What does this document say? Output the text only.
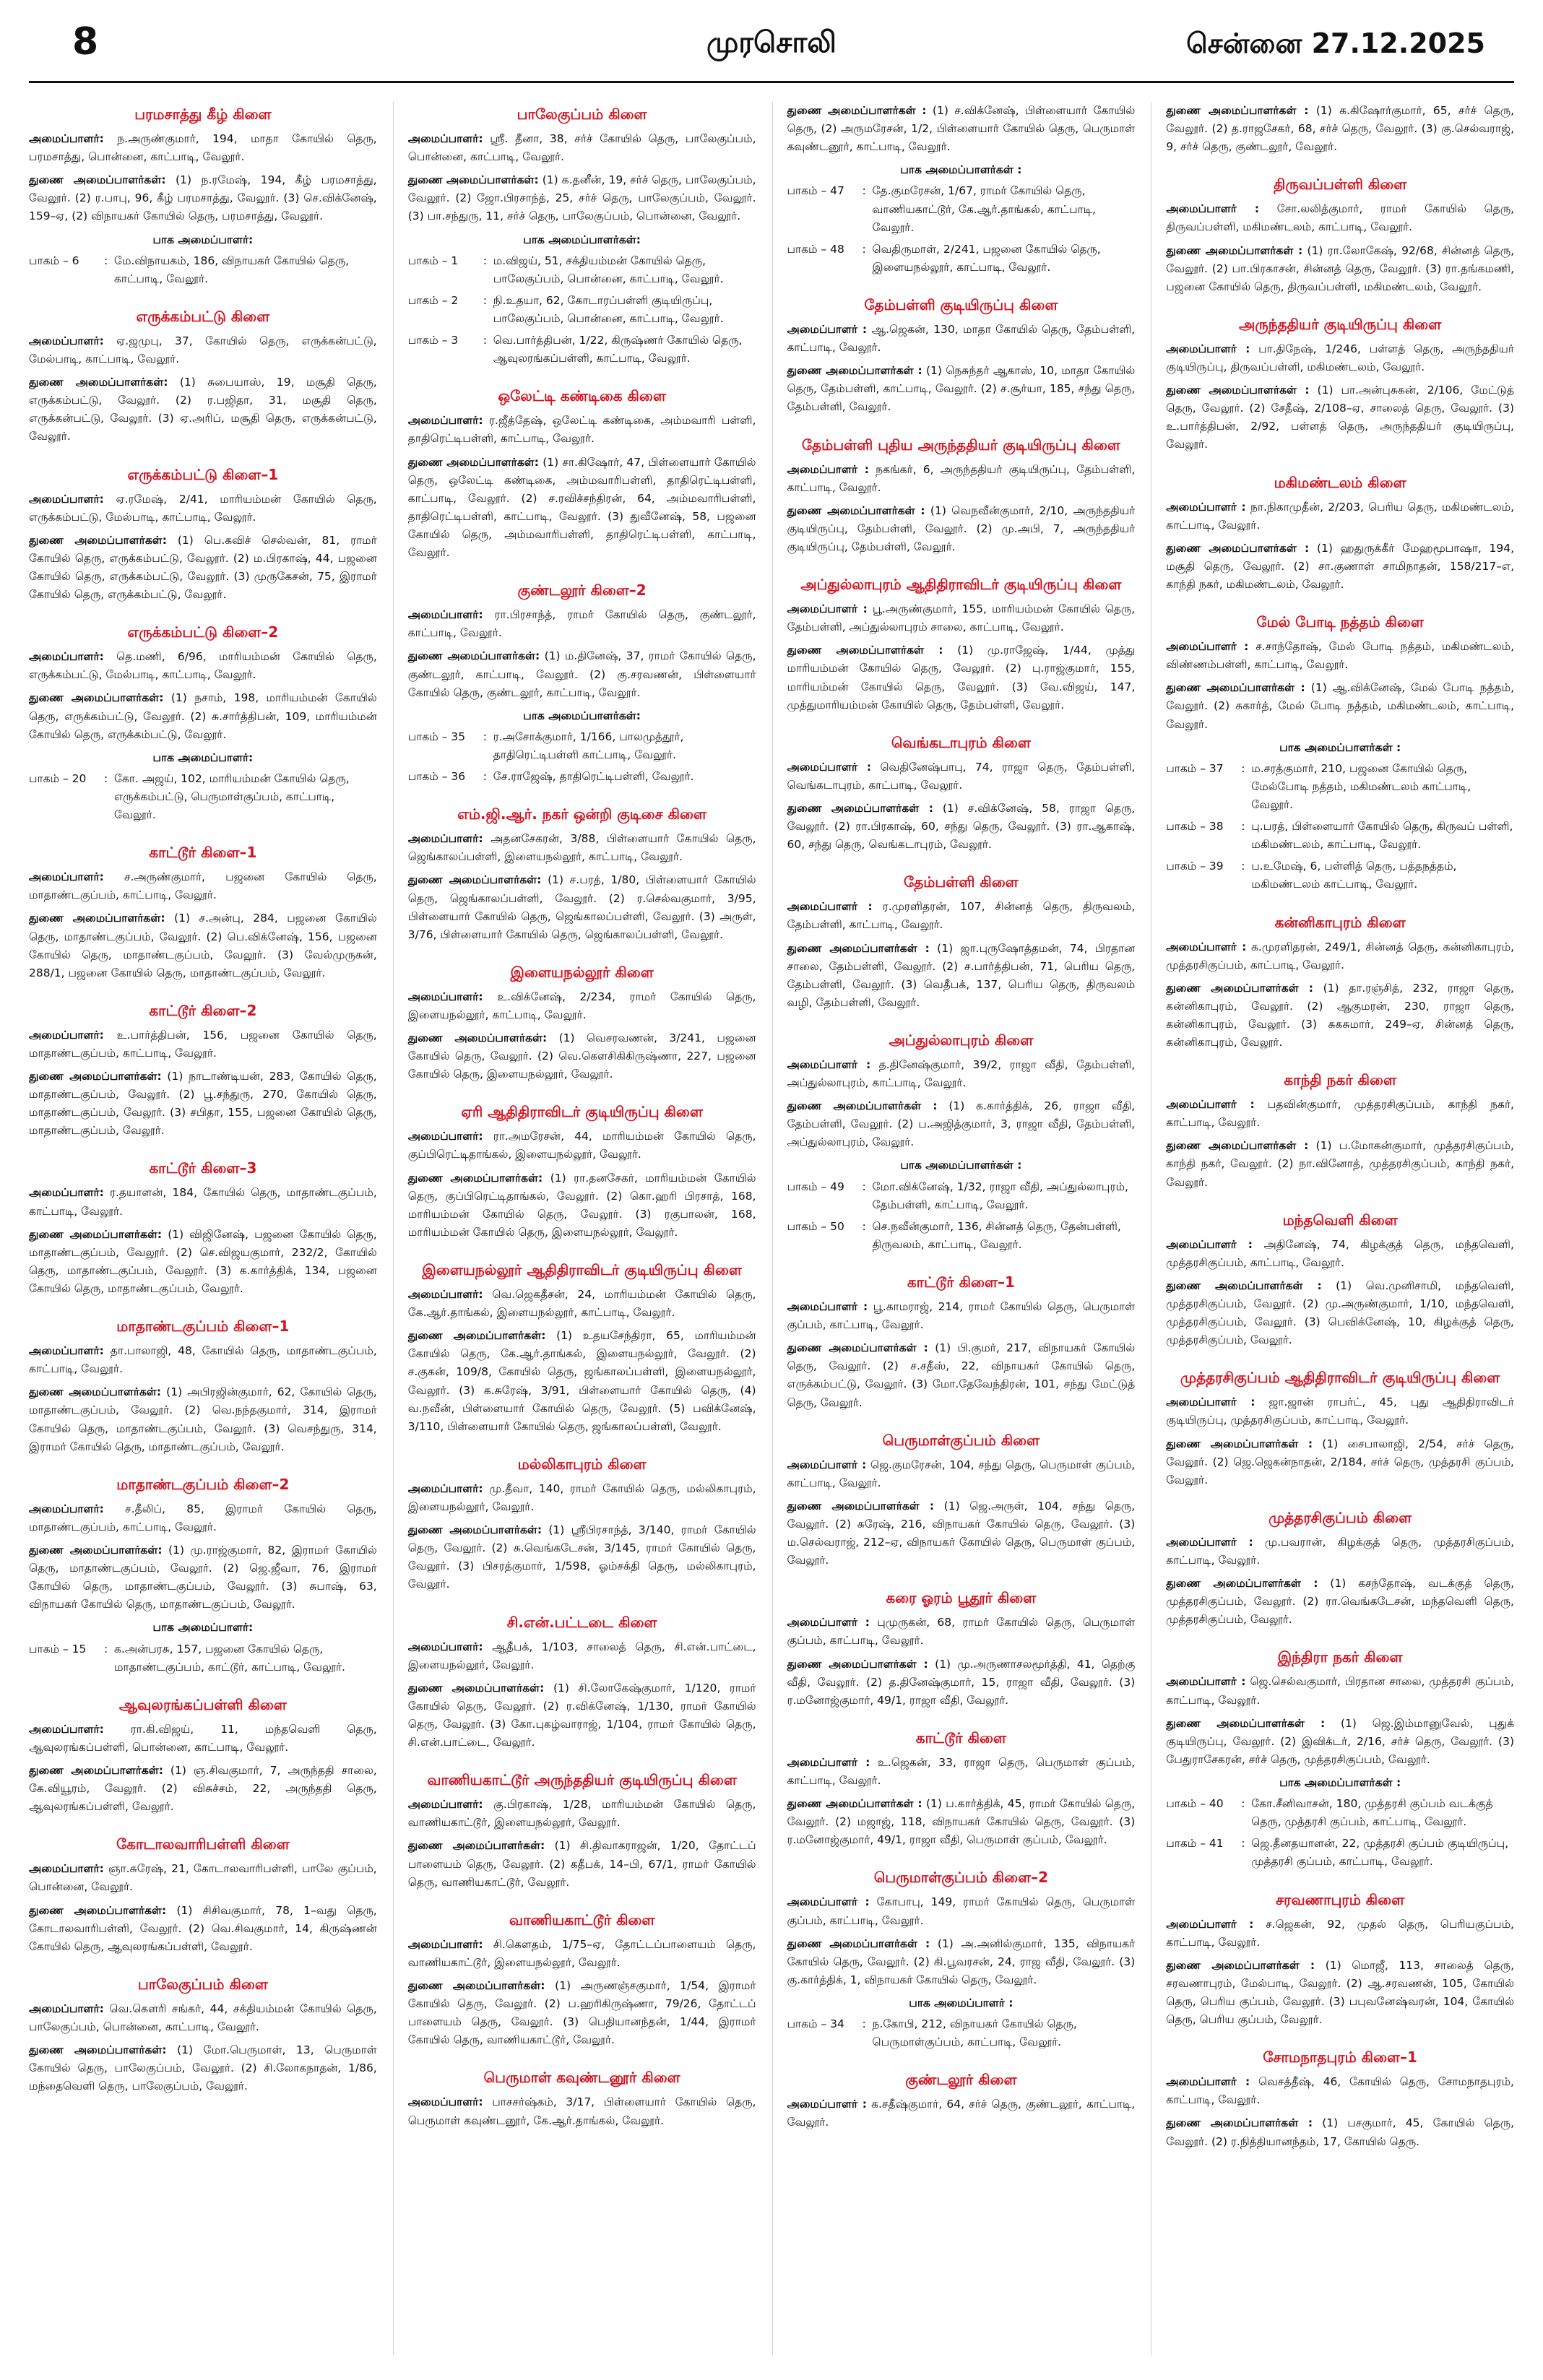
8	முரசொலி	சென்னை 27.12.2025
பரமசாத்து கீழ் கிளை

அமைப்பாளர்: ந.அருண்குமார், 194, மாதா கோயில் தெரு, பரமசாத்து, பொன்னை, காட்பாடி, வேலூர்.

துணை அமைப்பாளர்கள்: (1) ந.ரமேஷ், 194, கீழ் பரமசாத்து, வேலூர். (2) ர.பாபு, 96, கீழ் பரமசாத்து, வேலூர். (3) செ.விக்னேஷ், 159–ஏ, (2) விநாயகர் கோயில் தெரு, பரமசாத்து, வேலூர்.

பாக அமைப்பாளர்:
பாகம் – 6	: மே.விநாயகம், 186, விநாயகர் கோயில் தெரு, காட்பாடி, வேலூர்.
எருக்கம்பட்டு கிளை

அமைப்பாளர்: ஏ.ஜமுபு, 37, கோயில் தெரு, எருக்கன்பட்டு, மேல்பாடி, காட்பாடி, வேலூர்.

துணை அமைப்பாளர்கள்: (1) சுபையாஸ், 19, மசூதி தெரு, எருக்கம்பட்டு, வேலூர். (2) ர.பஜிதா, 31, மசூதி தெரு, எருக்கன்பட்டு, வேலூர். (3) ஏ.அரிப், மசூதி தெரு, எருக்கன்பட்டு, வேலூர்.

எருக்கம்பட்டு கிளை–1

அமைப்பாளர்: ஏ.ரமேஷ், 2/41, மாரியம்மன் கோயில் தெரு, எருக்கம்பட்டு, மேல்பாடி, காட்பாடி, வேலூர்.

துணை அமைப்பாளர்கள்: (1) பெ.கவிச் செல்வன், 81, ராமர் கோயில் தெரு, எருக்கம்பட்டு, வேலூர். (2) ம.பிரகாஷ், 44, பஜனை கோயில் தெரு, எருக்கம்பட்டு, வேலூர். (3) முருகேசன், 75, இராமர் கோயில் தெரு, எருக்கம்பட்டு, வேலூர்.

எருக்கம்பட்டு கிளை–2

அமைப்பாளர்: தெ.மணி, 6/96, மாரியம்மன் கோயில் தெரு, எருக்கம்பட்டு, மேல்பாடி, காட்பாடி, வேலூர்.

துணை அமைப்பாளர்கள்: (1) நசாம், 198, மாரியம்மன் கோயில் தெரு, எருக்கம்பட்டு, வேலூர். (2) சு.சார்த்திபன், 109, மாரியம்மன் கோயில் தெரு, எருக்கம்பட்டு, வேலூர்.

பாக அமைப்பாளர்:
பாகம் – 20	: கோ. அஜய், 102, மாரியம்மன் கோயில் தெரு, எருக்கம்பட்டு, பெருமாள்குப்பம், காட்பாடி, வேலூர்.
காட்டூர் கிளை–1

அமைப்பாளர்: ச.அருண்குமார், பஜனை கோயில் தெரு, மாதாண்டகுப்பம், காட்பாடி, வேலூர்.

துணை அமைப்பாளர்கள்: (1) ச.அன்பு, 284, பஜனை கோயில் தெரு, மாதாண்டகுப்பம், வேலூர். (2) பெ.விக்னேஷ், 156, பஜனை கோயில் தெரு, மாதாண்டகுப்பம், வேலூர். (3) வேல்முருகன், 288/1, பஜனை கோயில் தெரு, மாதாண்டகுப்பம், வேலூர்.

காட்டூர் கிளை–2

அமைப்பாளர்: உ.பார்த்திபன், 156, பஜனை கோயில் தெரு, மாதாண்டகுப்பம், காட்பாடி, வேலூர்.

துணை அமைப்பாளர்கள்: (1) நாடாண்டியன், 283, கோயில் தெரு, மாதாண்டகுப்பம், வேலூர். (2) பூ.சந்துரு, 270, கோயில் தெரு, மாதாண்டகுப்பம், வேலூர். (3) சபிதா, 155, பஜனை கோயில் தெரு, மாதாண்டகுப்பம், வேலூர்.

காட்டூர் கிளை–3

அமைப்பாளர்: ர.தயாளன், 184, கோயில் தெரு, மாதாண்டகுப்பம், காட்பாடி, வேலூர்.

துணை அமைப்பாளர்கள்: (1) விஜினேஷ், பஜனை கோயில் தெரு, மாதாண்டகுப்பம், வேலூர். (2) செ.விஜயகுமார், 232/2, கோயில் தெரு, மாதாண்டகுப்பம், வேலூர். (3) க.கார்த்திக், 134, பஜனை கோயில் தெரு, மாதாண்டகுப்பம், வேலூர்.

மாதாண்டகுப்பம் கிளை–1

அமைப்பாளர்: தா.பாலாஜி, 48, கோயில் தெரு, மாதாண்டகுப்பம், காட்பாடி, வேலூர்.

துணை அமைப்பாளர்கள்: (1) அபிரஜின்குமார், 62, கோயில் தெரு, மாதாண்டகுப்பம், வேலூர். (2) வெ.நந்தகுமார், 314, இராமர் கோயில் தெரு, மாதாண்டகுப்பம், வேலூர். (3) வெசந்துரு, 314, இராமர் கோயில் தெரு, மாதாண்டகுப்பம், வேலூர்.

மாதாண்டகுப்பம் கிளை–2

அமைப்பாளர்: ச.தீலிப், 85, இராமர் கோயில் தெரு, மாதாண்டகுப்பம், காட்பாடி, வேலூர்.

துணை அமைப்பாளர்கள்: (1) மு.ராஜ்குமார், 82, இராமர் கோயில் தெரு, மாதாண்டகுப்பம், வேலூர். (2) ஜெ.ஜீவா, 76, இராமர் கோயில் தெரு, மாதாண்டகுப்பம், வேலூர். (3) சுபாஷ், 63, விநாயகர் கோயில் தெரு, மாதாண்டகுப்பம், வேலூர்.

பாக அமைப்பாளர்:
பாகம் – 15	: க.அன்பரசு, 157, பஜனை கோயில் தெரு, மாதாண்டகுப்பம், காட்டூர், காட்பாடி, வேலூர்.
ஆவுலரங்கப்பள்ளி கிளை

அமைப்பாளர்: ரா.கி.விஜய், 11, மந்தவெளி தெரு, ஆவுலரங்கப்பள்ளி, பொன்னை, காட்பாடி, வேலூர்.

துணை அமைப்பாளர்கள்: (1) ஞ.சிவகுமார், 7, அருந்ததி சாலை, கே.வியூரம், வேலூர். (2) விசுச்சம், 22, அருந்ததி தெரு, ஆவுலரங்கப்பள்ளி, வேலூர்.

கோடாலவாரிபள்ளி கிளை

அமைப்பாளர்: ஞா.சுரேஷ், 21, கோடாலவாரிபள்ளி, பாலே குப்பம், பொன்னை, வேலூர்.

துணை அமைப்பாளர்கள்: (1) சிசிவகுமார், 78, 1–வது தெரு, கோடாலவாரிபள்ளி, வேலூர். (2) வெ.சிவகுமார், 14, கிருஷ்ணன் கோயில் தெரு, ஆவுலரங்கப்பள்ளி, வேலூர்.

பாலேகுப்பம் கிளை

அமைப்பாளர்: வெ.கௌரி சங்கர், 44, சக்தியம்மன் கோயில் தெரு, பாலேகுப்பம், பொன்னை, காட்பாடி, வேலூர்.

துணை அமைப்பாளர்கள்: (1) மோ.பெருமாள், 13, பெருமாள் கோயில் தெரு, பாலேகுப்பம், வேலூர். (2) சி.லோகநாதன், 1/86, மந்தைவெளி தெரு, பாலேகுப்பம், வேலூர்.

பாலேகுப்பம் கிளை

அமைப்பாளர்: ஸ்ரீ. தீனா, 38, சர்ச் கோயில் தெரு, பாலேகுப்பம், பொன்னை, காட்பாடி, வேலூர்.

துணை அமைப்பாளர்கள்: (1) க.தனீன், 19, சர்ச் தெரு, பாலேகுப்பம், வேலூர். (2) ஜோ.பிரசாந்த், 25, சர்ச் தெரு, பாலேகுப்பம், வேலூர். (3) பா.சந்துரு, 11, சர்ச் தெரு, பாலேகுப்பம், பொன்னை, வேலூர்.

பாக அமைப்பாளர்கள்:
பாகம் – 1	: ம.விஜய், 51, சக்தியம்மன் கோயில் தெரு, பாலேகுப்பம், பொன்னை, காட்பாடி, வேலூர்.
பாகம் – 2	: நி.உதயா, 62, கோடாரப்பள்ளி குடியிருப்பு, பாலேகுப்பம், பொன்னை, காட்பாடி, வேலூர்.
பாகம் – 3	: வெ.பார்த்திபன், 1/22, கிருஷ்ணர் கோயில் தெரு, ஆவுலரங்கப்பள்ளி, காட்பாடி, வேலூர்.
ஒலேட்டி கண்டிகை கிளை

அமைப்பாளர்: ர.ஜீத்தேஷ், ஒலேட்டி கண்டிகை, அம்மவாரி பள்ளி, தாதிரெட்டிபள்ளி, காட்பாடி, வேலூர்.

துணை அமைப்பாளர்கள்: (1) சா.கிஷோர், 47, பிள்ளையார் கோயில் தெரு, ஒலேட்டி கண்டிகை, அம்மவாரிபள்ளி, தாதிரெட்டிபள்ளி, காட்பாடி, வேலூர். (2) ச.ரவிச்சந்திரன், 64, அம்மவாரிபள்ளி, தாதிரெட்டிபள்ளி, காட்பாடி, வேலூர். (3) துவீனேஷ், 58, பஜனை கோயில் தெரு, அம்மவாரிபள்ளி, தாதிரெட்டிபள்ளி, காட்பாடி, வேலூர்.

குண்டலூர் கிளை–2

அமைப்பாளர்: ரா.பிரசாந்த், ராமர் கோயில் தெரு, குண்டலூர், காட்பாடி, வேலூர்.

துணை அமைப்பாளர்கள்: (1) ம.தினேஷ், 37, ராமர் கோயில் தெரு, குண்டலூர், காட்பாடி, வேலூர். (2) கு.சரவணன், பிள்ளையார் கோயில் தெரு, குண்டலூர், காட்பாடி, வேலூர்.

பாக அமைப்பாளர்கள்:
பாகம் – 35	: ர.அசோக்குமார், 1/166, பாலமுத்தூர், தாதிரெட்டிபள்ளி காட்பாடி, வேலூர்.
பாகம் – 36	: சே.ராஜேஷ், தாதிரெட்டிபள்ளி, வேலூர்.
எம்.ஜி.ஆர். நகர் ஒன்றி குடிசை கிளை

அமைப்பாளர்: அதனசேகரன், 3/88, பிள்ளையார் கோயில் தெரு, ஜெங்காலப்பள்ளி, இளையநல்லூர், காட்பாடி, வேலூர்.

துணை அமைப்பாளர்கள்: (1) ச.பரத், 1/80, பிள்ளையார் கோயில் தெரு, ஜெங்காலப்பள்ளி, வேலூர். (2) ர.செல்வகுமார், 3/95, பிள்ளையார் கோயில் தெரு, ஜெங்காலப்பள்ளி, வேலூர். (3) அருள், 3/76, பிள்ளையார் கோயில் தெரு, ஜெங்காலப்பள்ளி, வேலூர்.

இளையநல்லூர் கிளை

அமைப்பாளர்: உ.விக்னேஷ், 2/234, ராமர் கோயில் தெரு, இளையநல்லூர், காட்பாடி, வேலூர்.

துணை அமைப்பாளர்கள்: (1) வெசரவணன், 3/241, பஜனை கோயில் தெரு, வேலூர். (2) வெ.கௌசிகிகிருஷ்ணா, 227, பஜனை கோயில் தெரு, இளையநல்லூர், வேலூர்.

ஏரி ஆதிதிராவிடர் குடியிருப்பு கிளை

அமைப்பாளர்: ரா.அமரேசன், 44, மாரியம்மன் கோயில் தெரு, குப்பிரெட்டிதாங்கல், இளையநல்லூர், வேலூர்.

துணை அமைப்பாளர்கள்: (1) ரா.தனசேகர், மாரியம்மன் கோயில் தெரு, குப்பிரெட்டிதாங்கல், வேலூர். (2) கொ.ஹரி பிரசாத், 168, மாரியம்மன் கோயில் தெரு, வேலூர். (3) ரகுபாலன், 168, மாரியம்மன் கோயில் தெரு, இளையநல்லூர், வேலூர்.

இளையநல்லூர் ஆதிதிராவிடர் குடியிருப்பு கிளை

அமைப்பாளர்: வெ.ஜெகதீசன், 24, மாரியம்மன் கோயில் தெரு, கே.ஆர்.தாங்கல், இளையநல்லூர், காட்பாடி, வேலூர்.

துணை அமைப்பாளர்கள்: (1) உதயசேந்திரா, 65, மாரியம்மன் கோயில் தெரு, கே.ஆர்.தாங்கல், இளையநல்லூர், வேலூர். (2) ச.குகன், 109/8, கோயில் தெரு, ஜங்காலப்பள்ளி, இளையநல்லூர், வேலூர். (3) க.சுரேஷ், 3/91, பிள்ளையார் கோயில் தெரு, (4) வ.நவீன், பிள்ளையார் கோயில் தெரு, வேலூர். (5) பவிக்னேஷ், 3/110, பிள்ளையார் கோயில் தெரு, ஜங்காலப்பள்ளி, வேலூர்.

மல்லிகாபுரம் கிளை

அமைப்பாளர்: மு.தீவா, 140, ராமர் கோயில் தெரு, மல்லிகாபுரம், இளையநல்லூர், வேலூர்.

துணை அமைப்பாளர்கள்: (1) ஸ்ரீபிரசாந்த், 3/140, ராமர் கோயில் தெரு, வேலூர். (2) சு.வெங்கடேசன், 3/145, ராமர் கோயில் தெரு, வேலூர். (3) பிசரத்குமார், 1/598, ஓம்சக்தி தெரு, மல்லிகாபுரம், வேலூர்.

சி.என்.பட்டடை கிளை

அமைப்பாளர்: ஆதீபக், 1/103, சாலைத் தெரு, சி.என்.பாட்டை, இளையநல்லூர், வேலூர்.

துணை அமைப்பாளர்கள்: (1) சி.லோகேஷ்குமார், 1/120, ராமர் கோயில் தெரு, வேலூர். (2) ர.விக்னேஷ், 1/130, ராமர் கோயில் தெரு, வேலூர். (3) கோ.புகழ்வாராஜ், 1/104, ராமர் கோயில் தெரு, சி.என்.பாட்டை, வேலூர்.

வாணியகாட்டூர் அருந்ததியர் குடியிருப்பு கிளை

அமைப்பாளர்: கு.பிரகாஷ், 1/28, மாரியம்மன் கோயில் தெரு, வாணியகாட்டூர், இளையநல்லூர், வேலூர்.

துணை அமைப்பாளர்கள்: (1) சி.திவாகராஜன், 1/20, தோட்டப் பாளையம் தெரு, வேலூர். (2) கதீபக், 14–பி, 67/1, ராமர் கோயில் தெரு, வாணியகாட்டூர், வேலூர்.

வாணியகாட்டூர் கிளை

அமைப்பாளர்: சி.கௌதம், 1/75–ஏ, தோட்டப்பாளையம் தெரு, வாணியகாட்டூர், இளையநல்லூர், வேலூர்.

துணை அமைப்பாளர்கள்: (1) அருணஞ்சகுமார், 1/54, இராமர் கோயில் தெரு, வேலூர். (2) ப.ஹரிகிருஷ்ணா, 79/26, தோட்டப் பாளையம் தெரு, வேலூர். (3) பெதியானந்தன், 1/44, இராமர் கோயில் தெரு, வாணியகாட்டூர், வேலூர்.

பெருமாள் கவுண்டனூர் கிளை

அமைப்பாளர்: பாசசர்ஷ்கம், 3/17, பிள்ளையார் கோயில் தெரு, பெருமாள் கவுண்டனூர், கே.ஆர்.தாங்கல், வேலூர்.

துணை அமைப்பாளர்கள் : (1) ச.விக்னேஷ், பிள்ளையார் கோயில் தெரு, (2) அருமரேசன், 1/2, பிள்ளையார் கோயில் தெரு, பெருமாள் கவுண்டனூர், காட்பாடி, வேலூர்.

பாக அமைப்பாளர்கள் :
பாகம் – 47	: தே.குமரேசன், 1/67, ராமர் கோயில் தெரு, வாணியகாட்டூர், கே.ஆர்.தாங்கல், காட்பாடி, வேலூர்.
பாகம் – 48	: வெதிருமாள், 2/241, பஜனை கோயில் தெரு, இளையநல்லூர், காட்பாடி, வேலூர்.
தேம்பள்ளி குடியிருப்பு கிளை

அமைப்பாளர் : ஆ.ஜெகன், 130, மாதா கோயில் தெரு, தேம்பள்ளி, காட்பாடி, வேலூர்.

துணை அமைப்பாளர்கள் : (1) நெசுந்தர் ஆகாஸ், 10, மாதா கோயில் தெரு, தேம்பள்ளி, காட்பாடி, வேலூர். (2) ச.சூர்யா, 185, சந்து தெரு, தேம்பள்ளி, வேலூர்.

தேம்பள்ளி புதிய அருந்ததியர் குடியிருப்பு கிளை

அமைப்பாளர் : நகங்கர், 6, அருந்ததியர் குடியிருப்பு, தேம்பள்ளி, காட்பாடி, வேலூர்.

துணை அமைப்பாளர்கள் : (1) வெநவீன்குமார், 2/10, அருந்ததியர் குடியிருப்பு, தேம்பள்ளி, வேலூர். (2) மு.அபி, 7, அருந்ததியர் குடியிருப்பு, தேம்பள்ளி, வேலூர்.

அப்துல்லாபுரம் ஆதிதிராவிடர் குடியிருப்பு கிளை

அமைப்பாளர் : பூ.அருண்குமார், 155, மாரியம்மன் கோயில் தெரு, தேம்பள்ளி, அப்துல்லாபுரம் சாலை, காட்பாடி, வேலூர்.

துணை அமைப்பாளர்கள் : (1) மு.ராஜேஷ், 1/44, முத்து மாரியம்மன் கோயில் தெரு, வேலூர். (2) பு.ராஜ்குமார், 155, மாரியம்மன் கோயில் தெரு, வேலூர். (3) வே.விஜய், 147, முத்துமாரியம்மன் கோயில் தெரு, தேம்பள்ளி, வேலூர்.

வெங்கடாபுரம் கிளை

அமைப்பாளர் : வெதினேஷ்பாபு, 74, ராஜா தெரு, தேம்பள்ளி, வெங்கடாபுரம், காட்பாடி, வேலூர்.

துணை அமைப்பாளர்கள் : (1) ச.விக்னேஷ், 58, ராஜா தெரு, வேலூர். (2) ரா.பிரகாஷ், 60, சந்து தெரு, வேலூர். (3) ரா.ஆகாஷ், 60, சந்து தெரு, வெங்கடாபுரம், வேலூர்.

தேம்பள்ளி கிளை

அமைப்பாளர் : ர.முரளிதரன், 107, சின்னத் தெரு, திருவலம், தேம்பள்ளி, காட்பாடி, வேலூர்.

துணை அமைப்பாளர்கள் : (1) ஜா.புருஷோத்தமன், 74, பிரதான சாலை, தேம்பள்ளி, வேலூர். (2) ச.பார்த்திபன், 71, பெரிய தெரு, தேம்பள்ளி, வேலூர். (3) வெதீபக், 137, பெரிய தெரு, திருவலம் வழி, தேம்பள்ளி, வேலூர்.

அப்துல்லாபுரம் கிளை

அமைப்பாளர் : த.தினேஷ்குமார், 39/2, ராஜா வீதி, தேம்பள்ளி, அப்துல்லாபுரம், காட்பாடி, வேலூர்.

துணை அமைப்பாளர்கள் : (1) க.கார்த்திக், 26, ராஜா வீதி, தேம்பள்ளி, வேலூர். (2) ப.அஜித்குமார், 3, ராஜா வீதி, தேம்பள்ளி, அப்துல்லாபுரம், வேலூர்.

பாக அமைப்பாளர்கள் :
பாகம் – 49	: மோ.விக்னேஷ், 1/32, ராஜா வீதி, அப்துல்லாபுரம், தேம்பள்ளி, காட்பாடி, வேலூர்.
பாகம் – 50	: செ.நவீன்குமார், 136, சின்னத் தெரு, தேன்பள்ளி, திருவலம், காட்பாடி, வேலூர்.
காட்டூர் கிளை–1

அமைப்பாளர் : பூ.காமராஜ், 214, ராமர் கோயில் தெரு, பெருமாள் குப்பம், காட்பாடி, வேலூர்.

துணை அமைப்பாளர்கள் : (1) பி.குமர், 217, விநாயகர் கோயில் தெரு, வேலூர். (2) ச.சதீஸ், 22, விநாயகர் கோயில் தெரு, எருக்கம்பட்டு, வேலூர். (3) மோ.தேவேந்திரன், 101, சந்து மேட்டுத் தெரு, வேலூர்.

பெருமாள்குப்பம் கிளை

அமைப்பாளர் : ஜெ.குமரேசன், 104, சந்து தெரு, பெருமாள் குப்பம், காட்பாடி, வேலூர்.

துணை அமைப்பாளர்கள் : (1) ஜெ.அருள், 104, சந்து தெரு, வேலூர். (2) சுரேஷ், 216, விநாயகர் கோயில் தெரு, வேலூர். (3) ம.செல்வராஜ், 212–ஏ, விநாயகர் கோயில் தெரு, பெருமாள் குப்பம், வேலூர்.

கரை ஓரம் பூதூர் கிளை

அமைப்பாளர் : புமுருகன், 68, ராமர் கோயில் தெரு, பெருமாள் குப்பம், காட்பாடி, வேலூர்.

துணை அமைப்பாளர்கள் : (1) மு.அருணாசலமூர்த்தி, 41, தெற்கு வீதி, வேலூர். (2) த.தினேஷ்குமார், 15, ராஜா வீதி, வேலூர். (3) ர.மனோஜ்குமார், 49/1, ராஜா வீதி, வேலூர்.

காட்டூர் கிளை

அமைப்பாளர் : உ.ஜெகன், 33, ராஜா தெரு, பெருமாள் குப்பம், காட்பாடி, வேலூர்.

துணை அமைப்பாளர்கள் : (1) ப.கார்த்திக், 45, ராமர் கோயில் தெரு, வேலூர். (2) மஜாஜ், 118, விநாயகர் கோயில் தெரு, வேலூர். (3) ர.மனோஜ்குமார், 49/1, ராஜா வீதி, பெருமாள் குப்பம், வேலூர்.

பெருமாள்குப்பம் கிளை–2

அமைப்பாளர் : கோபாபு, 149, ராமர் கோயில் தெரு, பெருமாள் குப்பம், காட்பாடி, வேலூர்.

துணை அமைப்பாளர்கள் : (1) அ.அனில்குமார், 135, விநாயகர் கோயில் தெரு, வேலூர். (2) கி.பூவரசன், 24, ராஜ வீதி, வேலூர். (3) கு.கார்த்திக், 1, விநாயகர் கோயில் தெரு, வேலூர்.

பாக அமைப்பாளர் :
பாகம் – 34	: ந.கோபி, 212, விநாயகர் கோயில் தெரு, பெருமாள்குப்பம், காட்பாடி, வேலூர்.
குண்டலூர் கிளை

அமைப்பாளர் : க.சதீஷ்குமார், 64, சர்ச் தெரு, குண்டலூர், காட்பாடி, வேலூர்.

துணை அமைப்பாளர்கள் : (1) க.கிஷோர்குமார், 65, சர்ச் தெரு, வேலூர். (2) த.ராஜசேகர், 68, சர்ச் தெரு, வேலூர். (3) கு.செல்வராஜ், 9, சர்ச் தெரு, குண்டலூர், வேலூர்.

திருவப்பள்ளி கிளை

அமைப்பாளர் : சோ.லலித்குமார், ராமர் கோயில் தெரு, திருவப்பள்ளி, மகிமண்டலம், காட்பாடி, வேலூர்.

துணை அமைப்பாளர்கள் : (1) ரா.லோகேஷ், 92/68, சின்னத் தெரு, வேலூர். (2) பா.பிரகாசன், சின்னத் தெரு, வேலூர். (3) ரா.தங்கமணி, பஜனை கோயில் தெரு, திருவப்பள்ளி, மகிமண்டலம், வேலூர்.

அருந்ததியர் குடியிருப்பு கிளை

அமைப்பாளர் : பா.திநேஷ், 1/246, பள்ளத் தெரு, அருந்ததியர் குடியிருப்பு, திருவப்பள்ளி, மகிமண்டலம், வேலூர்.

துணை அமைப்பாளர்கள் : (1) பா.அன்புசுகன், 2/106, மேட்டுத் தெரு, வேலூர். (2) சேதீஷ், 2/108–ஏ, சாலைத் தெரு, வேலூர். (3) உ.பார்த்திபன், 2/92, பள்ளத் தெரு, அருந்ததியர் குடியிருப்பு, வேலூர்.

மகிமண்டலம் கிளை

அமைப்பாளர் : நா.நிகாமுதீன், 2/203, பெரிய தெரு, மகிமண்டலம், காட்பாடி, வேலூர்.

துணை அமைப்பாளர்கள் : (1) ஹதுருக்கீர் மேஹமூபாஷா, 194, மசூதி தெரு, வேலூர். (2) சா.குணாள் சாமிநாதன், 158/217–எ, காந்தி நகர், மகிமண்டலம், வேலூர்.

மேல் போடி நத்தம் கிளை

அமைப்பாளர் : ச.சாந்தோஷ், மேல் போடி நத்தம், மகிமண்டலம், விண்ணம்பள்ளி, காட்பாடி, வேலூர்.

துணை அமைப்பாளர்கள் : (1) ஆ.விக்னேஷ், மேல் போடி நத்தம், வேலூர். (2) சுகார்த், மேல் போடி நத்தம், மகிமண்டலம், காட்பாடி, வேலூர்.

பாக அமைப்பாளர்கள் :
பாகம் – 37	: ம.சரத்குமார், 210, பஜனை கோயில் தெரு, மேல்போடி நத்தம், மகிமண்டலம் காட்பாடி, வேலூர்.
பாகம் – 38	: பு.பரத், பிள்ளையார் கோயில் தெரு, கிருவப் பள்ளி, மகிமண்டலம், காட்பாடி, வேலூர்.
பாகம் – 39	: ப.உமேஷ், 6, பள்ளித் தெரு, பத்தநத்தம், மகிமண்டலம் காட்பாடி, வேலூர்.
கன்னிகாபுரம் கிளை

அமைப்பாளர் : க.முரளிதரன், 249/1, சின்னத் தெரு, கன்னிகாபுரம், முத்தரசிகுப்பம், காட்பாடி, வேலூர்.

துணை அமைப்பாளர்கள் : (1) தா.ரஞ்சித், 232, ராஜா தெரு, கன்னிகாபுரம், வேலூர். (2) ஆகுமரன், 230, ராஜா தெரு, கன்னிகாபுரம், வேலூர். (3) சுகசுமார், 249–ஏ, சின்னத் தெரு, கன்னிகாபுரம், வேலூர்.

காந்தி நகர் கிளை

அமைப்பாளர் : பதவின்குமார், முத்தரசிகுப்பம், காந்தி நகர், காட்பாடி, வேலூர்.

துணை அமைப்பாளர்கள் : (1) ப.மோகன்குமார், முத்தரசிகுப்பம், காந்தி நகர், வேலூர். (2) நா.வினோத், முத்தரசிகுப்பம், காந்தி நகர், வேலூர்.

மந்தவெளி கிளை

அமைப்பாளர் : அதினேஷ், 74, கிழக்குத் தெரு, மந்தவெளி, முத்தரசிகுப்பம், காட்பாடி, வேலூர்.

துணை அமைப்பாளர்கள் : (1) வெ.முனிசாமி, மந்தவெளி, முத்தரசிகுப்பம், வேலூர். (2) மு.அருண்குமார், 1/10, மந்தவெளி, முத்தரசிகுப்பம், வேலூர். (3) பெவிக்னேஷ், 10, கிழக்குத் தெரு, முத்தரசிகுப்பம், வேலூர்.

முத்தரசிகுப்பம் ஆதிதிராவிடர் குடியிருப்பு கிளை

அமைப்பாளர் : ஜா.ஜான் ராபர்ட், 45, புது ஆதிதிராவிடர் குடியிருப்பு, முத்தரசிகுப்பம், காட்பாடி, வேலூர்.

துணை அமைப்பாளர்கள் : (1) சைபாலாஜி, 2/54, சர்ச் தெரு, வேலூர். (2) ஜெ.ஜெகன்நாதன், 2/184, சர்ச் தெரு, முத்தரசி குப்பம், வேலூர்.

முத்தரசிகுப்பம் கிளை

அமைப்பாளர் : மு.பவரான், கிழக்குத் தெரு, முத்தரசிகுப்பம், காட்பாடி, வேலூர்.

துணை அமைப்பாளர்கள் : (1) கசந்தோஷ், வடக்குத் தெரு, முத்தரசிகுப்பம், வேலூர். (2) ரா.வெங்கடேசன், மந்தவெளி தெரு, முத்தரசிகுப்பம், வேலூர்.

இந்திரா நகர் கிளை

அமைப்பாளர் : ஜெ.செல்வகுமார், பிரதான சாலை, முத்தரசி குப்பம், காட்பாடி, வேலூர்.

துணை அமைப்பாளர்கள் : (1) ஜெ.இம்மானுவேல், புதுக் குடியிருப்பு, வேலூர். (2) இவிக்டர், 2/16, சர்ச் தெரு, வேலூர். (3) பேதுராசேகரன், சர்ச் தெரு, முத்தரசிகுப்பம், வேலூர்.

பாக அமைப்பாளர்கள் :
பாகம் – 40	: கோ.சீனிவாசன், 180, முத்தரசி குப்பம் வடக்குத் தெரு, முத்தரசி குப்பம், காட்பாடி, வேலூர்.
பாகம் – 41	: ஜெ.தீனதயாளன், 22, முத்தரசி குப்பம் குடியிருப்பு, முத்தரசி குப்பம், காட்பாடி, வேலூர்.
சரவணாபுரம் கிளை

அமைப்பாளர் : ச.ஜெகன், 92, முதல் தெரு, பெரியகுப்பம், காட்பாடி, வேலூர்.

துணை அமைப்பாளர்கள் : (1) மொஜீ, 113, சாலைத் தெரு, சரவணாபுரம், மேல்பாடி, வேலூர். (2) ஆ.சரவணன், 105, கோயில் தெரு, பெரிய குப்பம், வேலூர். (3) பபுவனேஷ்வரன், 104, கோயில் தெரு, பெரிய குப்பம், வேலூர்.

சோமநாதபுரம் கிளை–1

அமைப்பாளர் : வெசத்தீஷ், 46, கோயில் தெரு, சோமநாதபுரம், காட்பாடி, வேலூர்.

துணை அமைப்பாளர்கள் : (1) பசகுமார், 45, கோயில் தெரு, வேலூர். (2) ர.நித்தியானந்தம், 17, கோயில் தெரு.
